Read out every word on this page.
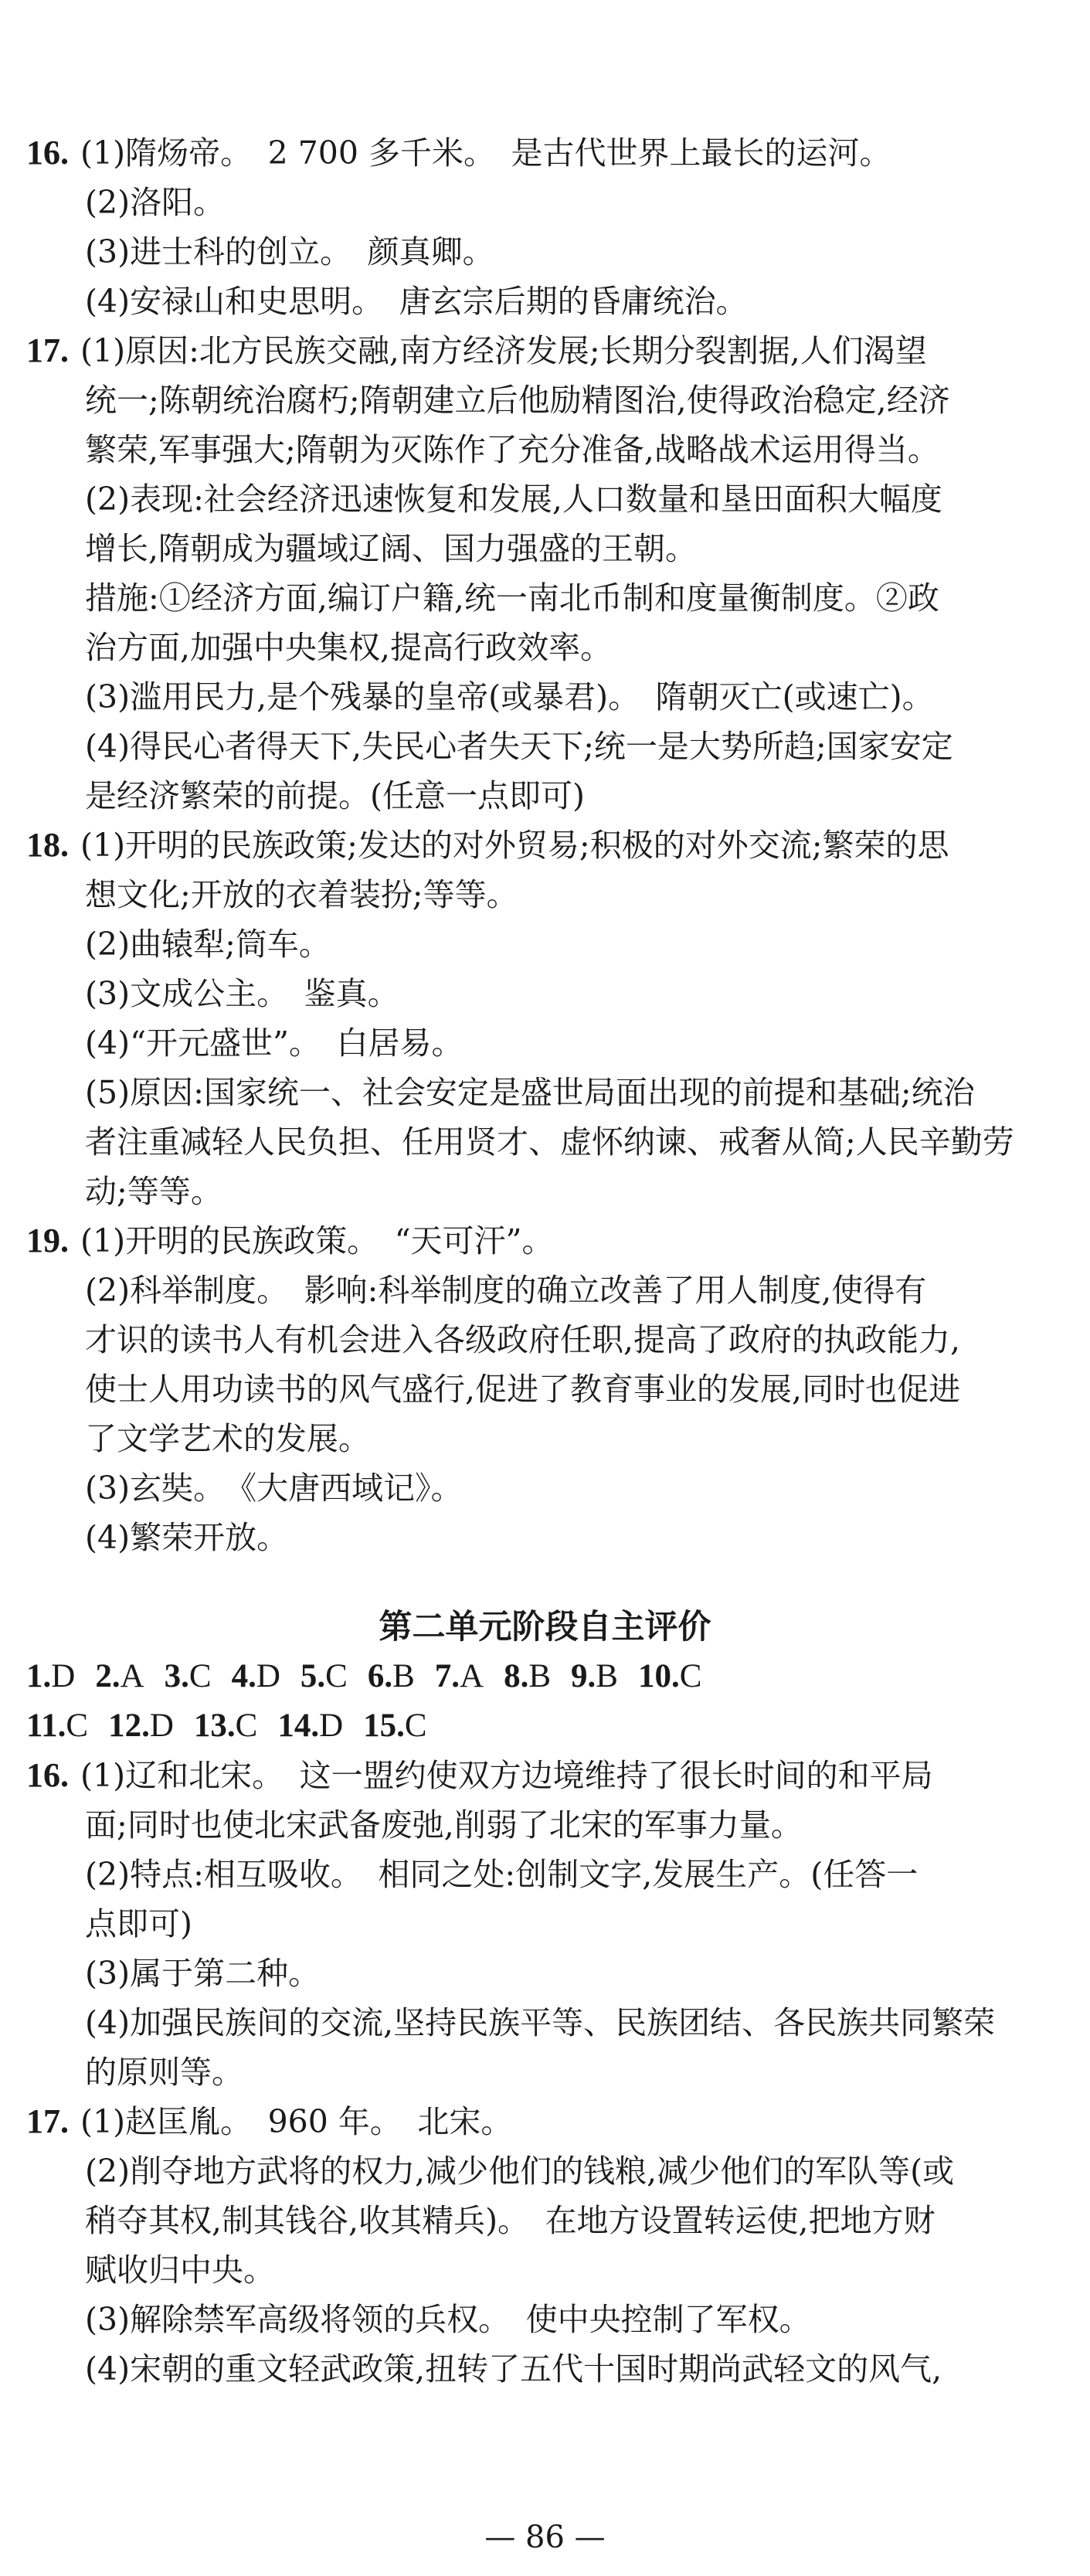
16. (1)隋炀帝。　2 700 多千米。　是古代世界上最长的运河。
(2)洛阳。
(3)进士科的创立。　颜真卿。
(4)安禄山和史思明。　唐玄宗后期的昏庸统治。
17. (1)原因:北方民族交融,南方经济发展;长期分裂割据,人们渴望
统一;陈朝统治腐朽;隋朝建立后他励精图治,使得政治稳定,经济
繁荣,军事强大;隋朝为灭陈作了充分准备,战略战术运用得当。
(2)表现:社会经济迅速恢复和发展,人口数量和垦田面积大幅度
增长,隋朝成为疆域辽阔、国力强盛的王朝。
措施:①经济方面,编订户籍,统一南北币制和度量衡制度。②政
治方面,加强中央集权,提高行政效率。
(3)滥用民力,是个残暴的皇帝(或暴君)。　隋朝灭亡(或速亡)。
(4)得民心者得天下,失民心者失天下;统一是大势所趋;国家安定
是经济繁荣的前提。(任意一点即可)
18. (1)开明的民族政策;发达的对外贸易;积极的对外交流;繁荣的思
想文化;开放的衣着装扮;等等。
(2)曲辕犁;筒车。
(3)文成公主。　鉴真。
(4)“开元盛世”。　白居易。
(5)原因:国家统一、社会安定是盛世局面出现的前提和基础;统治
者注重减轻人民负担、任用贤才、虚怀纳谏、戒奢从简;人民辛勤劳
动;等等。
19. (1)开明的民族政策。　“天可汗”。
(2)科举制度。　影响:科举制度的确立改善了用人制度,使得有
才识的读书人有机会进入各级政府任职,提高了政府的执政能力,
使士人用功读书的风气盛行,促进了教育事业的发展,同时也促进
了文学艺术的发展。
(3)玄奘。　《大唐西域记》。
(4)繁荣开放。
第二单元阶段自主评价
1.D 2.A 3.C 4.D 5.C 6.B 7.A 8.B 9.B 10.C
11.C 12.D 13.C 14.D 15.C
16. (1)辽和北宋。　这一盟约使双方边境维持了很长时间的和平局
面;同时也使北宋武备废弛,削弱了北宋的军事力量。
(2)特点:相互吸收。　相同之处:创制文字,发展生产。(任答一
点即可)
(3)属于第二种。
(4)加强民族间的交流,坚持民族平等、民族团结、各民族共同繁荣
的原则等。
17. (1)赵匡胤。　960 年。　北宋。
(2)削夺地方武将的权力,减少他们的钱粮,减少他们的军队等(或
稍夺其权,制其钱谷,收其精兵)。　在地方设置转运使,把地方财
赋收归中央。
(3)解除禁军高级将领的兵权。　使中央控制了军权。
(4)宋朝的重文轻武政策,扭转了五代十国时期尚武轻文的风气,
— 86 —
